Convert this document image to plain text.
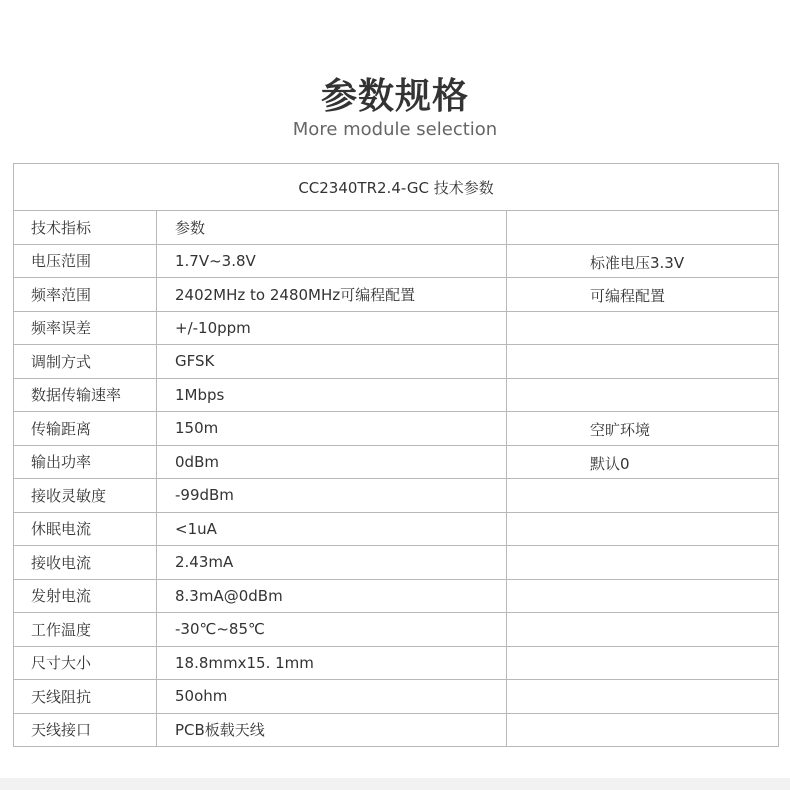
参数规格
More module selection
CC2340TR2.4-GC 技术参数		
技术指标	参数	
电压范围	1.7V~3.8V	标准电压3.3V
频率范围	2402MHz to 2480MHz可编程配置	可编程配置
频率误差	+/-10ppm	
调制方式	GFSK	
数据传输速率	1Mbps	
传输距离	150m	空旷环境
输出功率	0dBm	默认0
接收灵敏度	-99dBm	
休眠电流	<1uA	
接收电流	2.43mA	
发射电流	8.3mA@0dBm	
工作温度	-30℃~85℃	
尺寸大小	18.8mmx15. 1mm	
天线阻抗	50ohm	
天线接口	PCB板载天线	
